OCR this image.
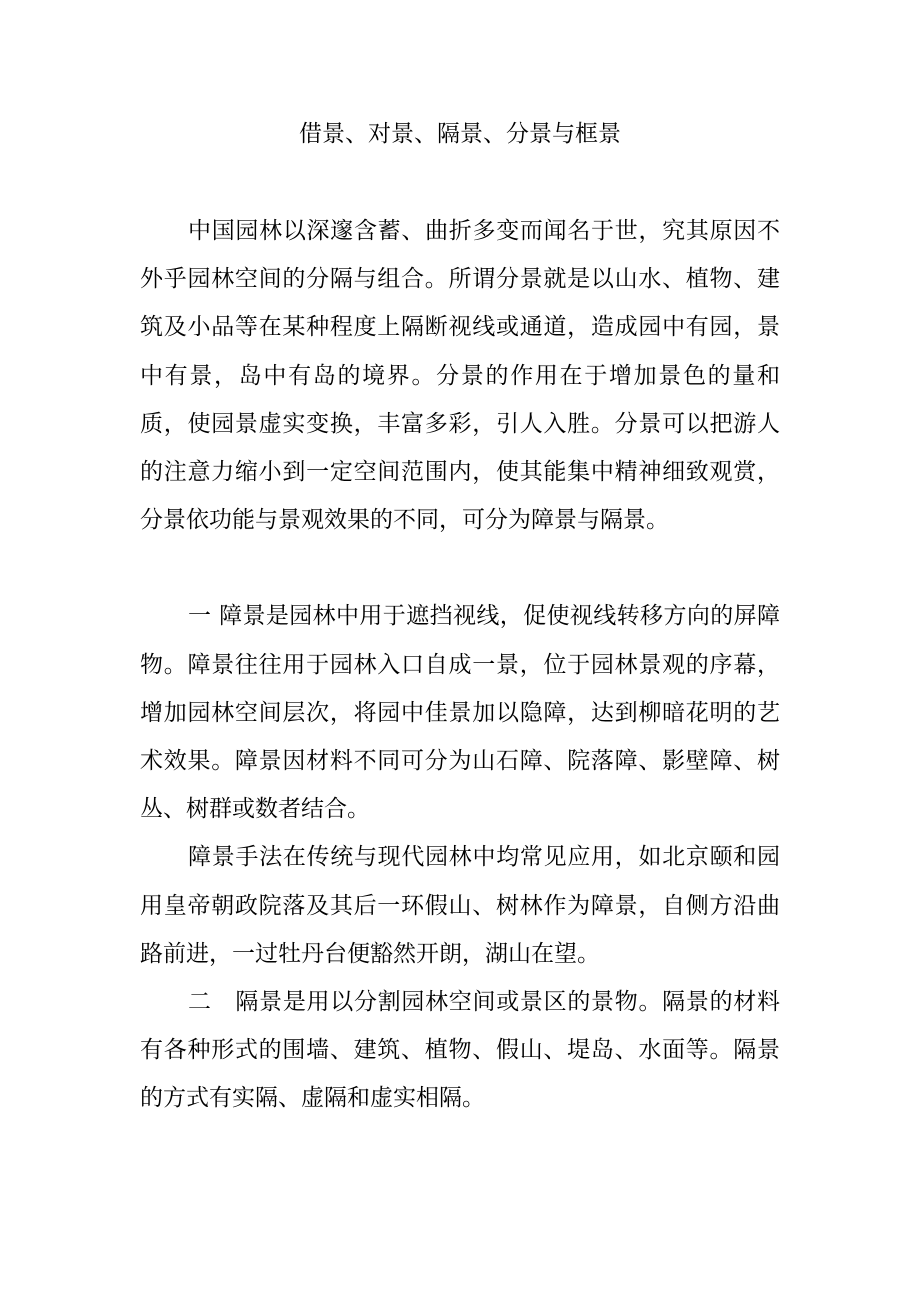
借景、对景、隔景、分景与框景

中国园林以深邃含蓄、曲折多变而闻名于世，究其原因不外乎园林空间的分隔与组合。所谓分景就是以山水、植物、建筑及小品等在某种程度上隔断视线或通道，造成园中有园，景中有景，岛中有岛的境界。分景的作用在于增加景色的量和质，使园景虚实变换，丰富多彩，引人入胜。分景可以把游人的注意力缩小到一定空间范围内，使其能集中精神细致观赏，分景依功能与景观效果的不同，可分为障景与隔景。

一 障景是园林中用于遮挡视线，促使视线转移方向的屏障物。障景往往用于园林入口自成一景，位于园林景观的序幕，增加园林空间层次，将园中佳景加以隐障，达到柳暗花明的艺术效果。障景因材料不同可分为山石障、院落障、影壁障、树丛、树群或数者结合。

障景手法在传统与现代园林中均常见应用，如北京颐和园用皇帝朝政院落及其后一环假山、树林作为障景，自侧方沿曲路前进，一过牡丹台便豁然开朗，湖山在望。

二　隔景是用以分割园林空间或景区的景物。隔景的材料有各种形式的围墙、建筑、植物、假山、堤岛、水面等。隔景的方式有实隔、虚隔和虚实相隔。
